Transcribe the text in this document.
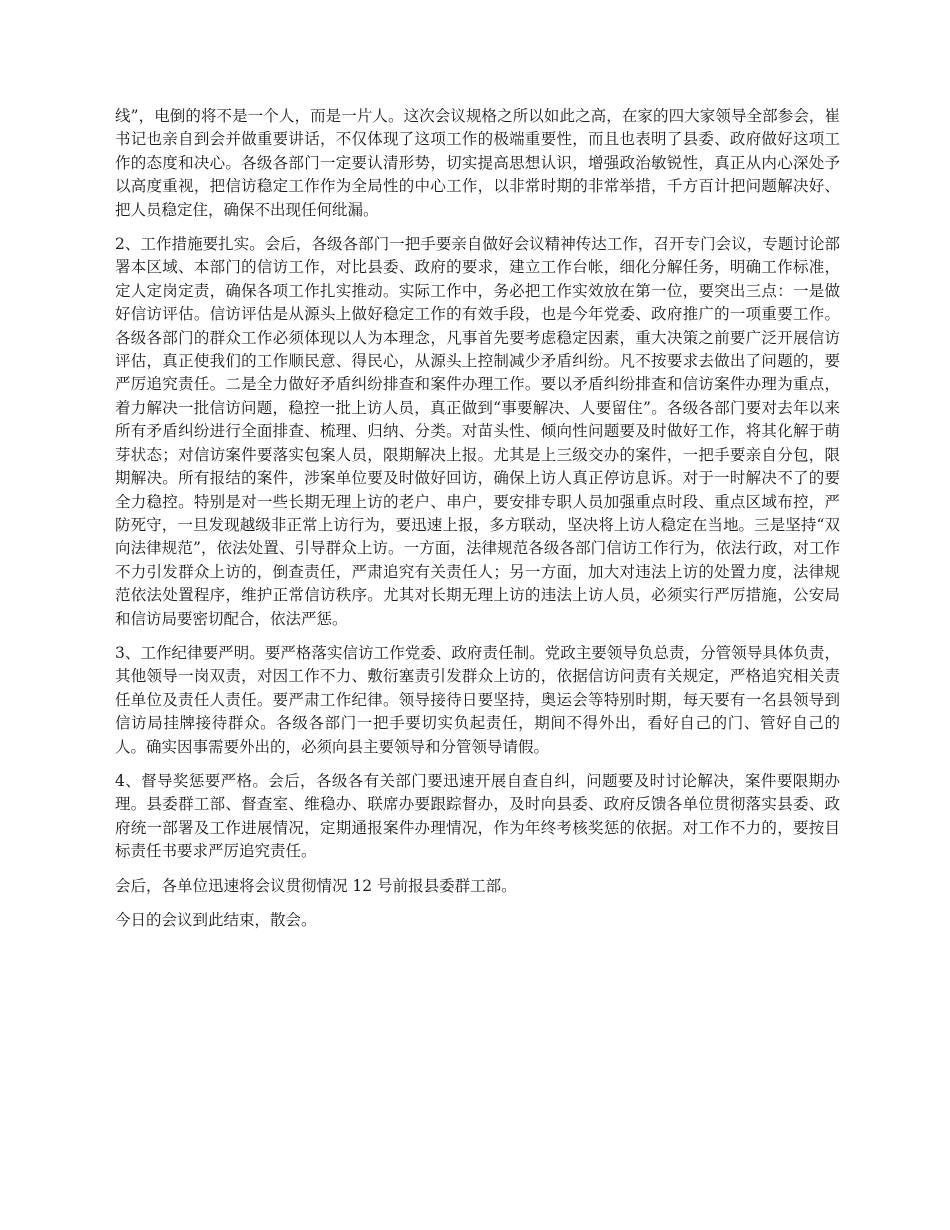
线”，电倒的将不是一个人，而是一片人。这次会议规格之所以如此之高，在家的四大家领导全部参会，崔书记也亲自到会并做重要讲话，不仅体现了这项工作的极端重要性，而且也表明了县委、政府做好这项工作的态度和决心。各级各部门一定要认清形势，切实提高思想认识，增强政治敏锐性，真正从内心深处予以高度重视，把信访稳定工作作为全局性的中心工作，以非常时期的非常举措，千方百计把问题解决好、把人员稳定住，确保不出现任何纰漏。

2、工作措施要扎实。会后，各级各部门一把手要亲自做好会议精神传达工作，召开专门会议，专题讨论部署本区域、本部门的信访工作，对比县委、政府的要求，建立工作台帐，细化分解任务，明确工作标准，定人定岗定责，确保各项工作扎实推动。实际工作中，务必把工作实效放在第一位，要突出三点：一是做好信访评估。信访评估是从源头上做好稳定工作的有效手段，也是今年党委、政府推广的一项重要工作。各级各部门的群众工作必须体现以人为本理念，凡事首先要考虑稳定因素，重大决策之前要广泛开展信访评估，真正使我们的工作顺民意、得民心，从源头上控制减少矛盾纠纷。凡不按要求去做出了问题的，要严厉追究责任。二是全力做好矛盾纠纷排查和案件办理工作。要以矛盾纠纷排查和信访案件办理为重点，着力解决一批信访问题，稳控一批上访人员，真正做到“事要解决、人要留住”。各级各部门要对去年以来所有矛盾纠纷进行全面排查、梳理、归纳、分类。对苗头性、倾向性问题要及时做好工作，将其化解于萌芽状态；对信访案件要落实包案人员，限期解决上报。尤其是上三级交办的案件，一把手要亲自分包，限期解决。所有报结的案件，涉案单位要及时做好回访，确保上访人真正停访息诉。对于一时解决不了的要全力稳控。特别是对一些长期无理上访的老户、串户，要安排专职人员加强重点时段、重点区域布控，严防死守，一旦发现越级非正常上访行为，要迅速上报，多方联动，坚决将上访人稳定在当地。三是坚持“双向法律规范”，依法处置、引导群众上访。一方面，法律规范各级各部门信访工作行为，依法行政，对工作不力引发群众上访的，倒查责任，严肃追究有关责任人；另一方面，加大对违法上访的处置力度，法律规范依法处置程序，维护正常信访秩序。尤其对长期无理上访的违法上访人员，必须实行严厉措施，公安局和信访局要密切配合，依法严惩。

3、工作纪律要严明。要严格落实信访工作党委、政府责任制。党政主要领导负总责，分管领导具体负责，其他领导一岗双责，对因工作不力、敷衍塞责引发群众上访的，依据信访问责有关规定，严格追究相关责任单位及责任人责任。要严肃工作纪律。领导接待日要坚持，奥运会等特别时期，每天要有一名县领导到信访局挂牌接待群众。各级各部门一把手要切实负起责任，期间不得外出，看好自己的门、管好自己的人。确实因事需要外出的，必须向县主要领导和分管领导请假。

4、督导奖惩要严格。会后，各级各有关部门要迅速开展自查自纠，问题要及时讨论解决，案件要限期办理。县委群工部、督查室、维稳办、联席办要跟踪督办，及时向县委、政府反馈各单位贯彻落实县委、政府统一部署及工作进展情况，定期通报案件办理情况，作为年终考核奖惩的依据。对工作不力的，要按目标责任书要求严厉追究责任。

会后，各单位迅速将会议贯彻情况 12 号前报县委群工部。

今日的会议到此结束，散会。
